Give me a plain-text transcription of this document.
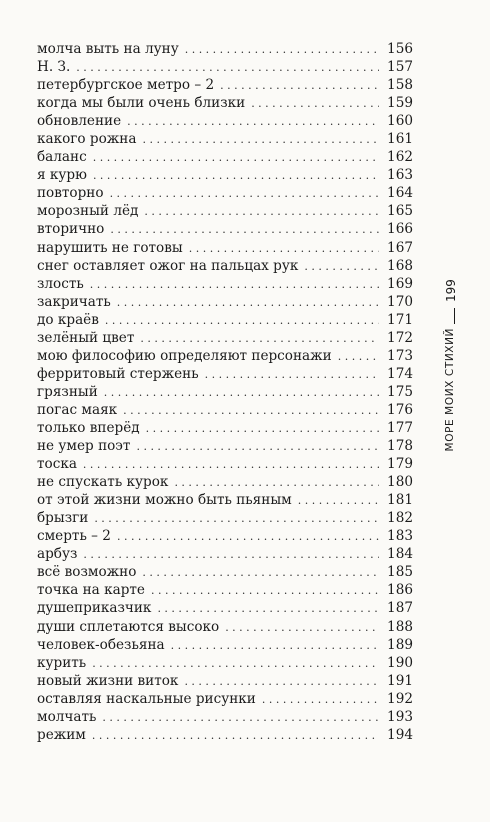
молча выть на луну . . .	156
Н. З. . . .	157
петербургское метро – 2 . . .	158
когда мы были очень близки . . .	159
обновление . . .	160
какого рожна . . .	161
баланс . . .	162
я курю . . .	163
повторно . . .	164
морозный лёд . . .	165
вторично . . .	166
нарушить не готовы . . .	167
снег оставляет ожог на пальцах рук . . .	168
злость . . .	169
закричать . . .	170
до краёв . . .	171
зелёный цвет . . .	172
мою философию определяют персонажи . . .	173
ферритовый стержень . . .	174
грязный . . .	175
погас маяк . . .	176
только вперёд . . .	177
не умер поэт . . .	178
тоска . . .	179
не спускать курок . . .	180
от этой жизни можно быть пьяным . . .	181
брызги . . .	182
смерть – 2 . . .	183
арбуз . . .	184
всё возможно . . .	185
точка на карте . . .	186
душеприказчик . . .	187
души сплетаются высоко . . .	188
человек-обезьяна . . .	189
курить . . .	190
новый жизни виток . . .	191
оставляя наскальные рисунки . . .	192
молчать . . .	193
режим . . .	194
199
МОРЕ МОИХ СТИХИЙ
